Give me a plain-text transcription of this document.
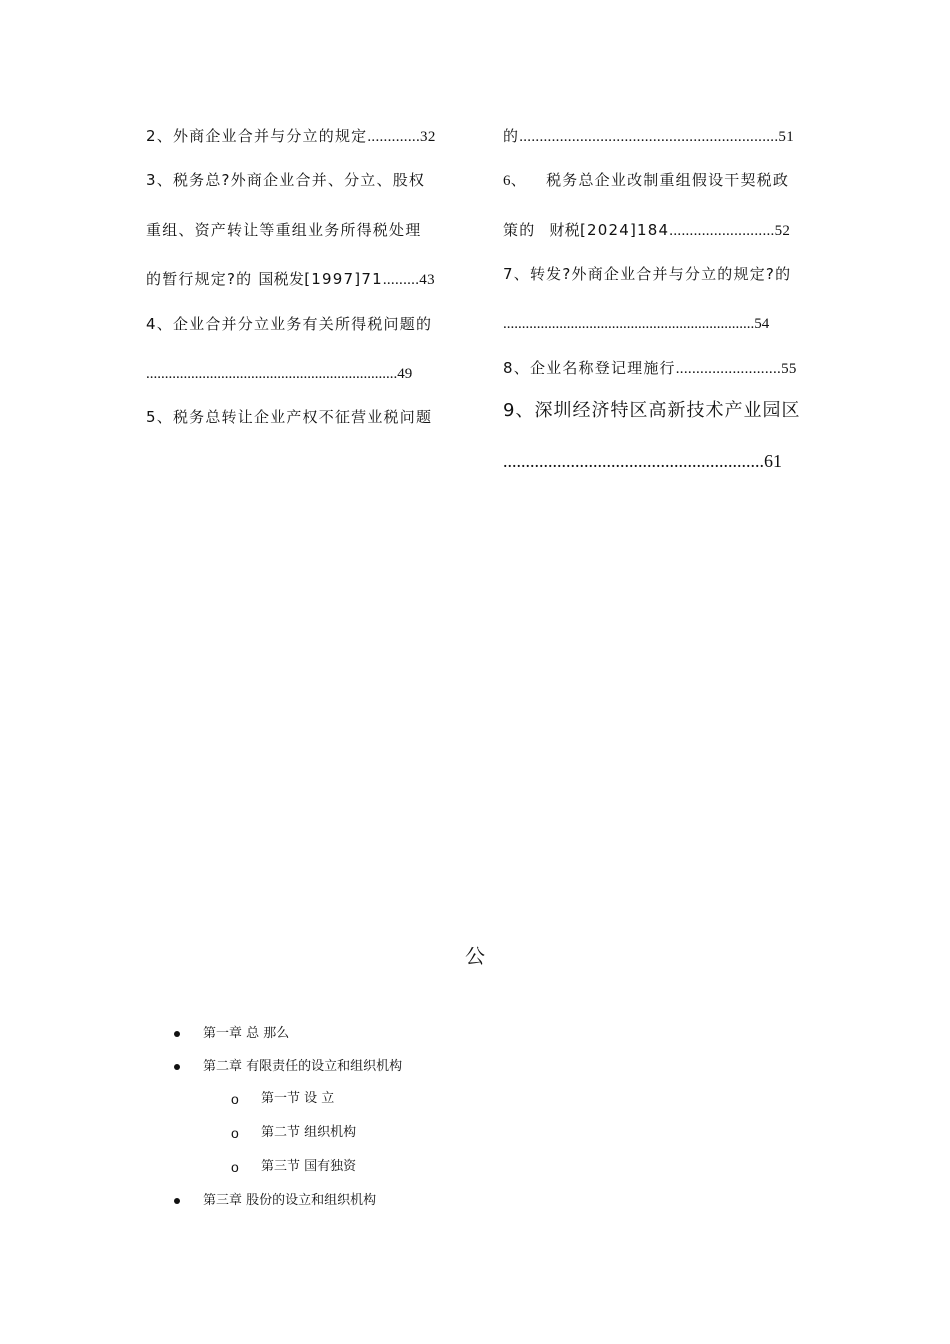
2、外商企业合并与分立的规定.............32
3、税务总?外商企业合并、分立、股权
重组、资产转让等重组业务所得税处理
的暂行规定?的 国税发[1997]71.........43
4、企业合并分立业务有关所得税问题的
...................................................................49
5、税务总转让企业产权不征营业税问题
的................................................................51
6、 税务总企业改制重组假设干契税政
策的 财税[2024]184..........................52
7、转发?外商企业合并与分立的规定?的
...................................................................54
8、企业名称登记理施行..........................55
9、深圳经济特区高新技术产业园区
..........................................................61
公
第一章 总 那么
第二章 有限责任的设立和组织机构
o 第一节 设 立
o 第二节 组织机构
o 第三节 国有独资
第三章 股份的设立和组织机构
